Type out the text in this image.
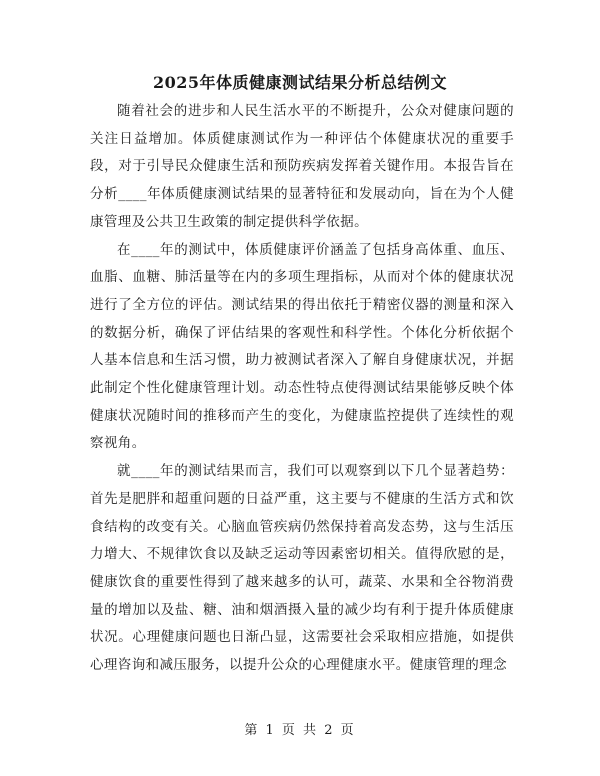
2025年体质健康测试结果分析总结例文

随着社会的进步和人民生活水平的不断提升，公众对健康问题的关注日益增加。体质健康测试作为一种评估个体健康状况的重要手段，对于引导民众健康生活和预防疾病发挥着关键作用。本报告旨在分析____年体质健康测试结果的显著特征和发展动向，旨在为个人健康管理及公共卫生政策的制定提供科学依据。

在____年的测试中，体质健康评价涵盖了包括身高体重、血压、血脂、血糖、肺活量等在内的多项生理指标，从而对个体的健康状况进行了全方位的评估。测试结果的得出依托于精密仪器的测量和深入的数据分析，确保了评估结果的客观性和科学性。个体化分析依据个人基本信息和生活习惯，助力被测试者深入了解自身健康状况，并据此制定个性化健康管理计划。动态性特点使得测试结果能够反映个体健康状况随时间的推移而产生的变化，为健康监控提供了连续性的观察视角。

就____年的测试结果而言，我们可以观察到以下几个显著趋势：首先是肥胖和超重问题的日益严重，这主要与不健康的生活方式和饮食结构的改变有关。心脑血管疾病仍然保持着高发态势，这与生活压力增大、不规律饮食以及缺乏运动等因素密切相关。值得欣慰的是，健康饮食的重要性得到了越来越多的认可，蔬菜、水果和全谷物消费量的增加以及盐、糖、油和烟酒摄入量的减少均有利于提升体质健康状况。心理健康问题也日渐凸显，这需要社会采取相应措施，如提供心理咨询和减压服务，以提升公众的心理健康水平。健康管理的理念

第 1 页 共 2 页
